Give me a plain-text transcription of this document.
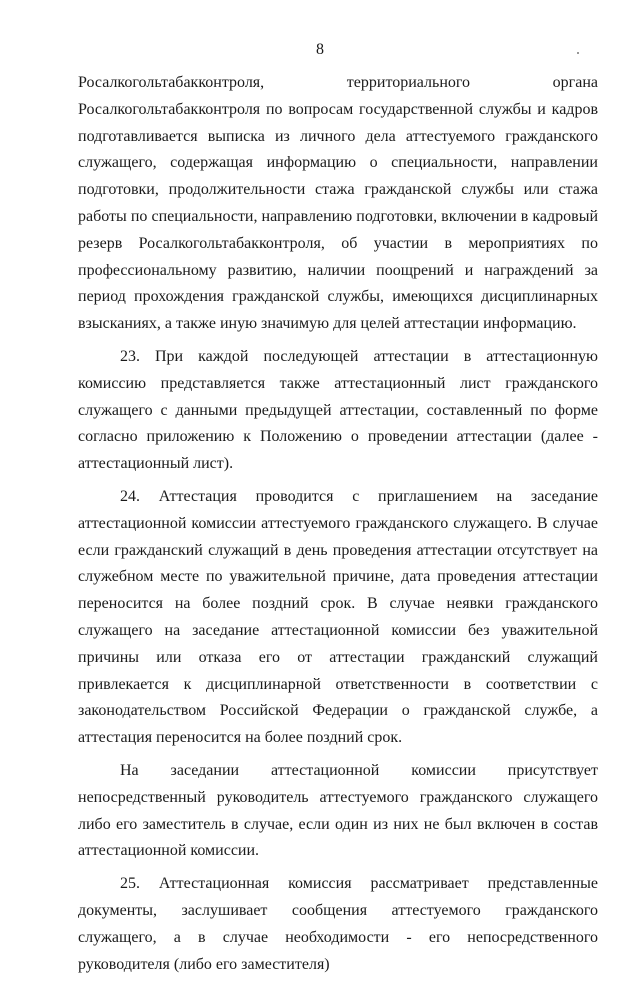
8

Росалкогольтабакконтроля, территориального органа Росалкогольтабакконтроля по вопросам государственной службы и кадров подготавливается выписка из личного дела аттестуемого гражданского служащего, содержащая информацию о специальности, направлении подготовки, продолжительности стажа гражданской службы или стажа работы по специальности, направлению подготовки, включении в кадровый резерв Росалкогольтабакконтроля, об участии в мероприятиях по профессиональному развитию, наличии поощрений и награждений за период прохождения гражданской службы, имеющихся дисциплинарных взысканиях, а также иную значимую для целей аттестации информацию.

23. При каждой последующей аттестации в аттестационную комиссию представляется также аттестационный лист гражданского служащего с данными предыдущей аттестации, составленный по форме согласно приложению к Положению о проведении аттестации (далее - аттестационный лист).

24. Аттестация проводится с приглашением на заседание аттестационной комиссии аттестуемого гражданского служащего. В случае если гражданский служащий в день проведения аттестации отсутствует на служебном месте по уважительной причине, дата проведения аттестации переносится на более поздний срок. В случае неявки гражданского служащего на заседание аттестационной комиссии без уважительной причины или отказа его от аттестации гражданский служащий привлекается к дисциплинарной ответственности в соответствии с законодательством Российской Федерации о гражданской службе, а аттестация переносится на более поздний срок.

На заседании аттестационной комиссии присутствует непосредственный руководитель аттестуемого гражданского служащего либо его заместитель в случае, если один из них не был включен в состав аттестационной комиссии.

25. Аттестационная комиссия рассматривает представленные документы, заслушивает сообщения аттестуемого гражданского служащего, а в случае необходимости - его непосредственного руководителя (либо его заместителя)
